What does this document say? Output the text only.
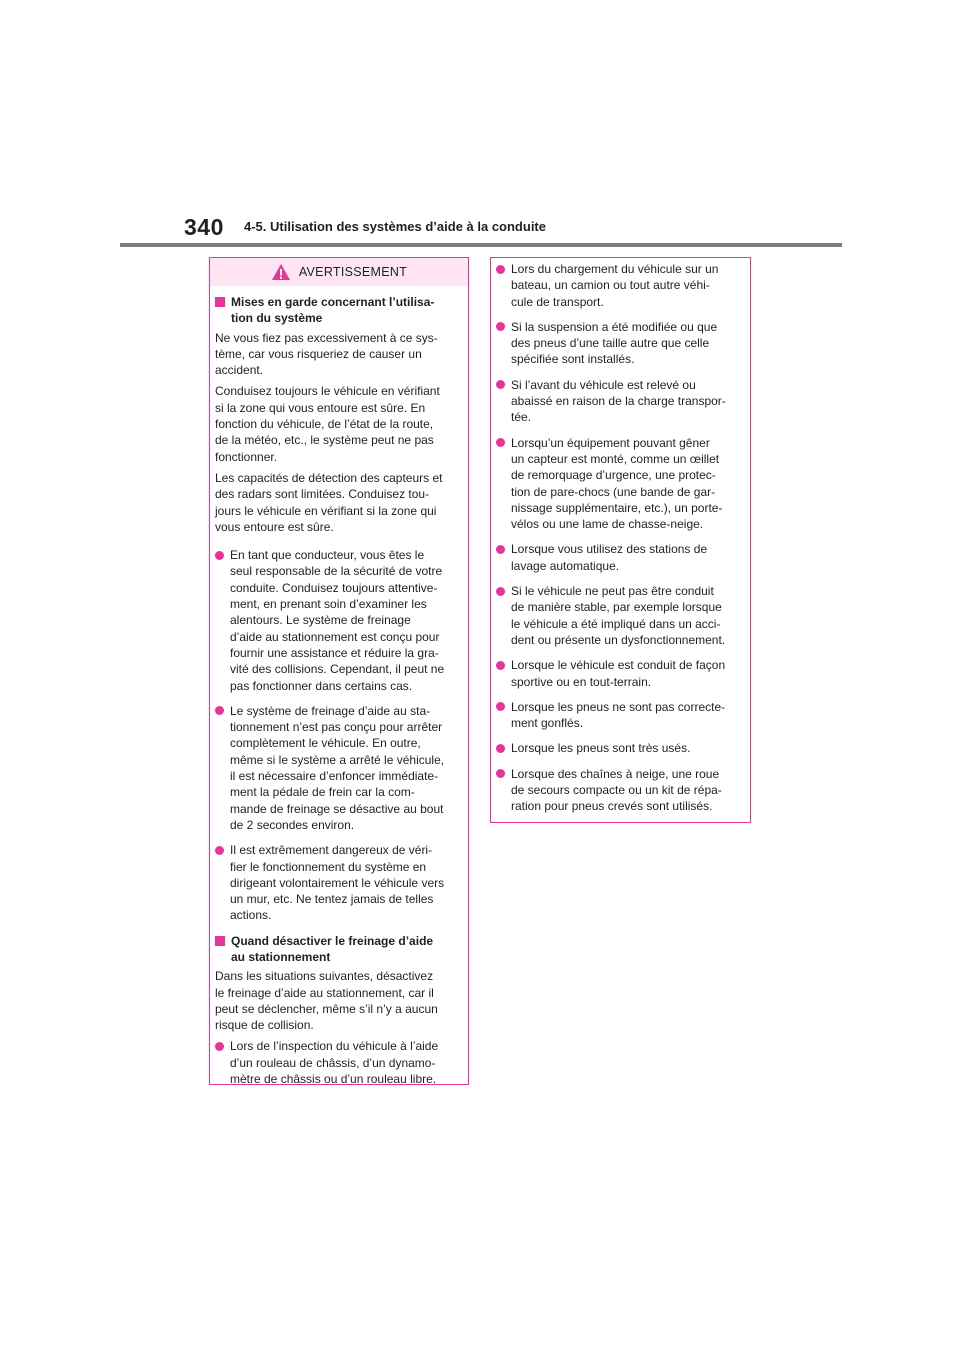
340 4-5. Utilisation des systèmes d’aide à la conduite
AVERTISSEMENT
Mises en garde concernant l’utilisa-
tion du système

Ne vous fiez pas excessivement à ce sys-
tème, car vous risqueriez de causer un
accident.

Conduisez toujours le véhicule en vérifiant
si la zone qui vous entoure est sûre. En
fonction du véhicule, de l’état de la route,
de la météo, etc., le système peut ne pas
fonctionner.

Les capacités de détection des capteurs et
des radars sont limitées. Conduisez tou-
jours le véhicule en vérifiant si la zone qui
vous entoure est sûre.

En tant que conducteur, vous êtes le
seul responsable de la sécurité de votre
conduite. Conduisez toujours attentive-
ment, en prenant soin d’examiner les
alentours. Le système de freinage
d’aide au stationnement est conçu pour
fournir une assistance et réduire la gra-
vité des collisions. Cependant, il peut ne
pas fonctionner dans certains cas.
Le système de freinage d’aide au sta-
tionnement n’est pas conçu pour arrêter
complètement le véhicule. En outre,
même si le système a arrêté le véhicule,
il est nécessaire d’enfoncer immédiate-
ment la pédale de frein car la com-
mande de freinage se désactive au bout
de 2 secondes environ.
Il est extrêmement dangereux de véri-
fier le fonctionnement du système en
dirigeant volontairement le véhicule vers
un mur, etc. Ne tentez jamais de telles
actions.
Quand désactiver le freinage d’aide
au stationnement

Dans les situations suivantes, désactivez
le freinage d’aide au stationnement, car il
peut se déclencher, même s’il n’y a aucun
risque de collision.

Lors de l’inspection du véhicule à l’aide
d’un rouleau de châssis, d’un dynamo-
mètre de châssis ou d’un rouleau libre.
Lors du chargement du véhicule sur un
bateau, un camion ou tout autre véhi-
cule de transport.
Si la suspension a été modifiée ou que
des pneus d’une taille autre que celle
spécifiée sont installés.
Si l’avant du véhicule est relevé ou
abaissé en raison de la charge transpor-
tée.
Lorsqu’un équipement pouvant gêner
un capteur est monté, comme un œillet
de remorquage d’urgence, une protec-
tion de pare-chocs (une bande de gar-
nissage supplémentaire, etc.), un porte-
vélos ou une lame de chasse-neige.
Lorsque vous utilisez des stations de
lavage automatique.
Si le véhicule ne peut pas être conduit
de manière stable, par exemple lorsque
le véhicule a été impliqué dans un acci-
dent ou présente un dysfonctionnement.
Lorsque le véhicule est conduit de façon
sportive ou en tout-terrain.
Lorsque les pneus ne sont pas correcte-
ment gonflés.
Lorsque les pneus sont très usés.
Lorsque des chaînes à neige, une roue
de secours compacte ou un kit de répa-
ration pour pneus crevés sont utilisés.
